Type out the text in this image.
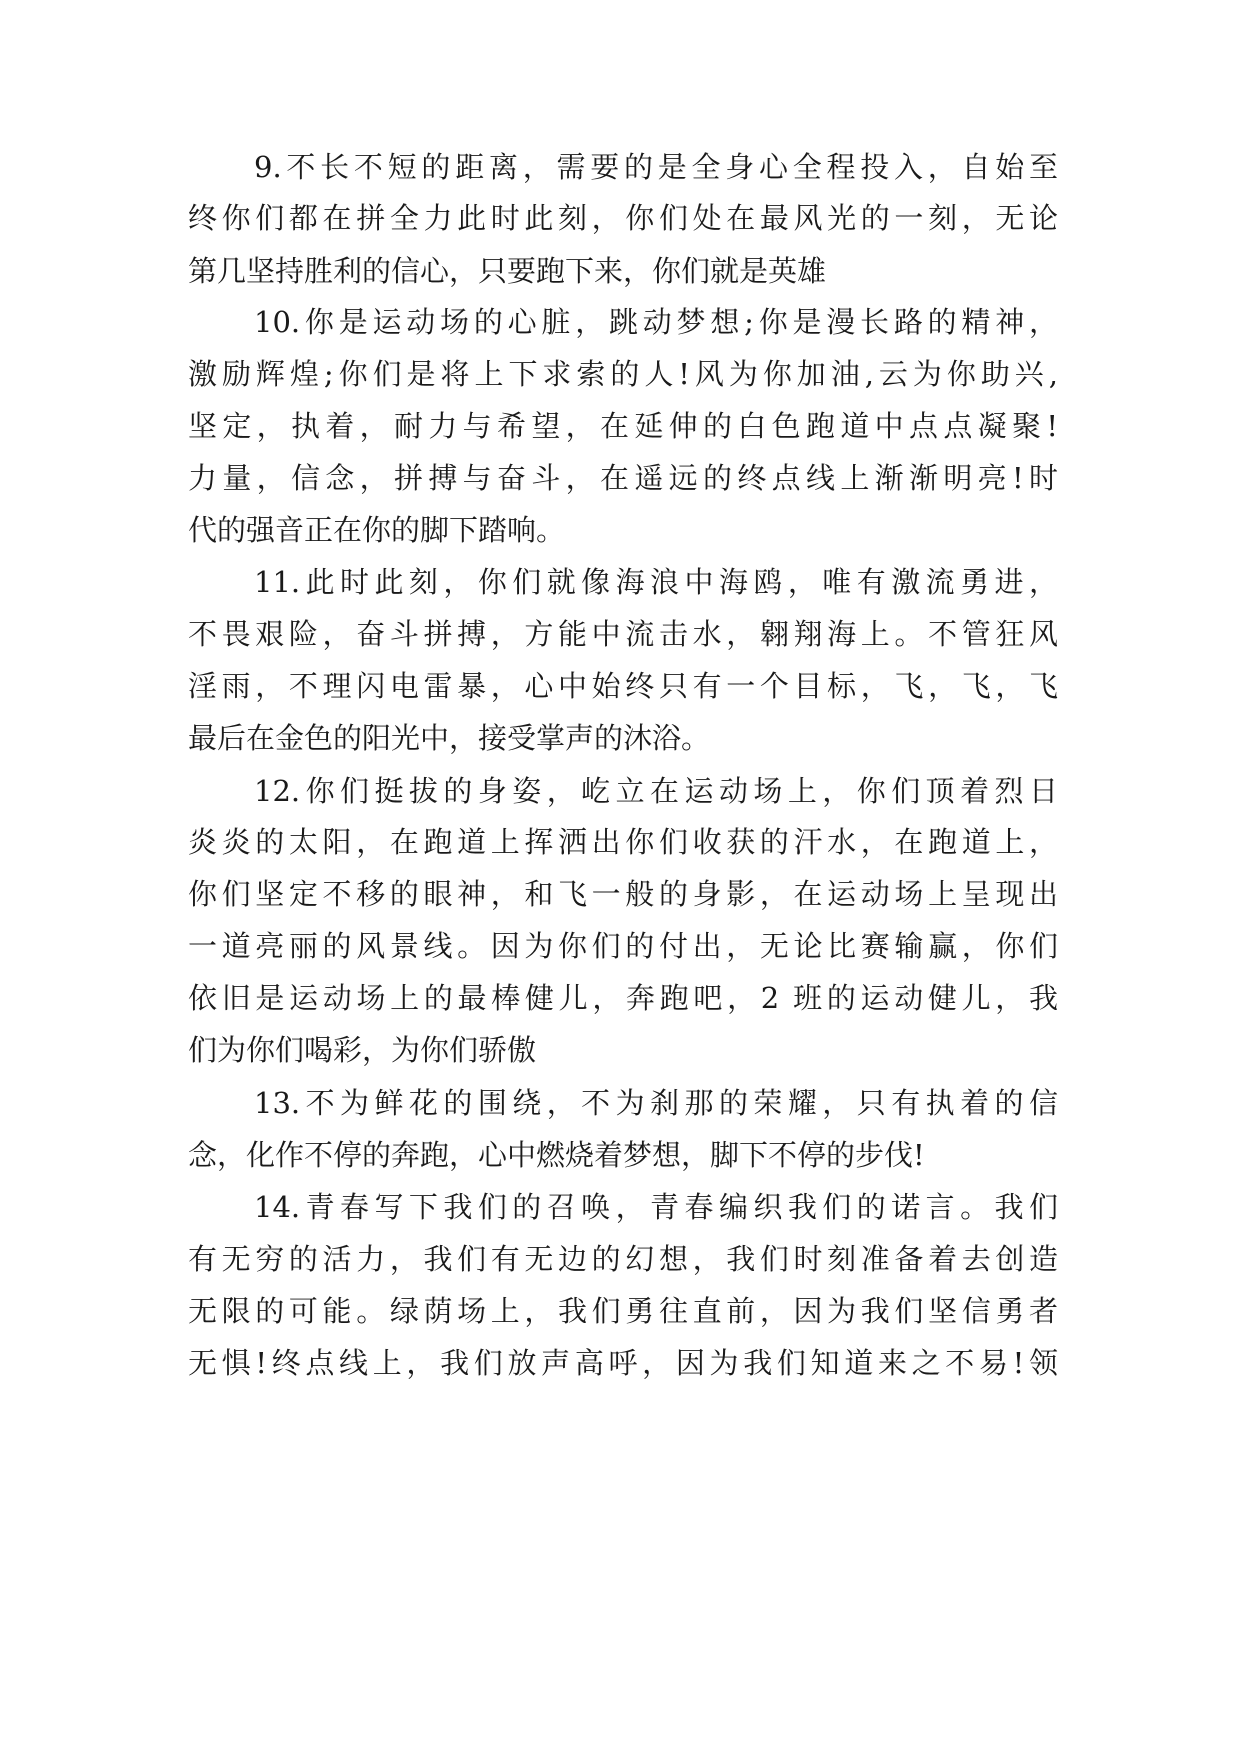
9.不长不短的距离，需要的是全身心全程投入，自始至
终你们都在拼全力此时此刻，你们处在最风光的一刻，无论
第几坚持胜利的信心，只要跑下来，你们就是英雄
10.你是运动场的心脏，跳动梦想;你是漫长路的精神，
激励辉煌;你们是将上下求索的人!风为你加油,云为你助兴,
坚定，执着，耐力与希望，在延伸的白色跑道中点点凝聚!
力量，信念，拼搏与奋斗，在遥远的终点线上渐渐明亮!时
代的强音正在你的脚下踏响。
11.此时此刻，你们就像海浪中海鸥，唯有激流勇进，
不畏艰险，奋斗拼搏，方能中流击水，翱翔海上。不管狂风
淫雨，不理闪电雷暴，心中始终只有一个目标，飞，飞，飞
最后在金色的阳光中，接受掌声的沐浴。
12.你们挺拔的身姿，屹立在运动场上，你们顶着烈日
炎炎的太阳，在跑道上挥洒出你们收获的汗水，在跑道上，
你们坚定不移的眼神，和飞一般的身影，在运动场上呈现出
一道亮丽的风景线。因为你们的付出，无论比赛输赢，你们
依旧是运动场上的最棒健儿，奔跑吧，2 班的运动健儿，我
们为你们喝彩，为你们骄傲
13.不为鲜花的围绕，不为刹那的荣耀，只有执着的信
念，化作不停的奔跑，心中燃烧着梦想，脚下不停的步伐!
14.青春写下我们的召唤，青春编织我们的诺言。我们
有无穷的活力，我们有无边的幻想，我们时刻准备着去创造
无限的可能。绿荫场上，我们勇往直前，因为我们坚信勇者
无惧!终点线上，我们放声高呼，因为我们知道来之不易!领
